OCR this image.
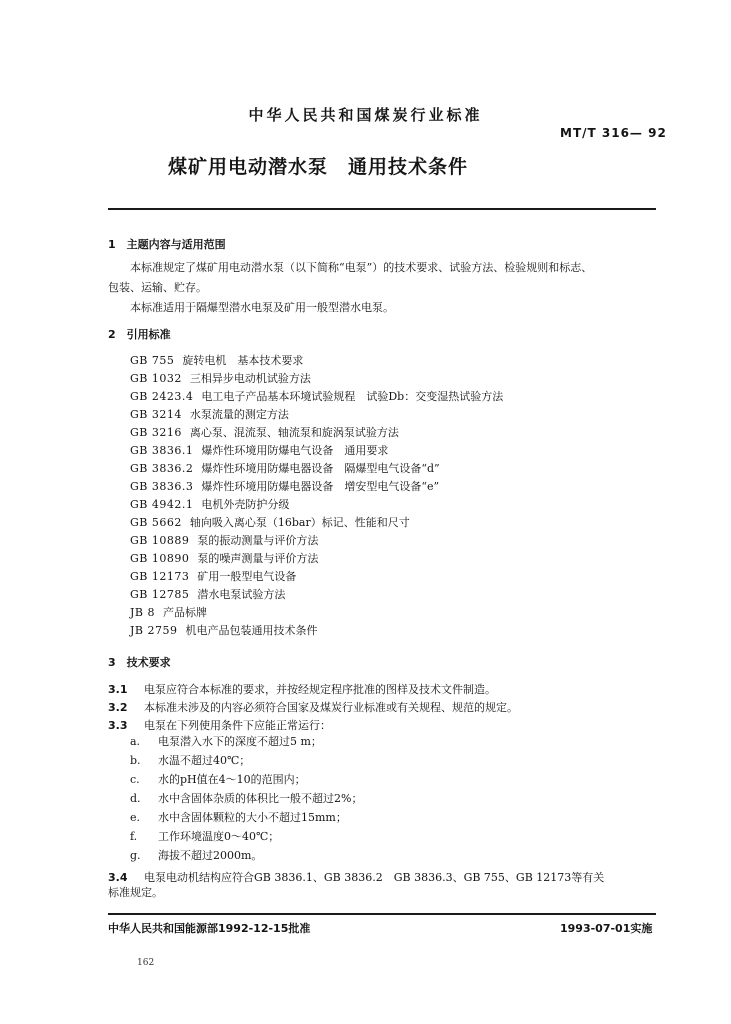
中华人民共和国煤炭行业标准
MT/T 316— 92
煤矿用电动潜水泵　通用技术条件
1　主题内容与适用范围
本标准规定了煤矿用电动潜水泵（以下简称“电泵”）的技术要求、试验方法、检验规则和标志、
包装、运输、贮存。
本标准适用于隔爆型潜水电泵及矿用一般型潜水电泵。
2　引用标准
GB 755 旋转电机　基本技术要求
GB 1032 三相异步电动机试验方法
GB 2423.4 电工电子产品基本环境试验规程　试验Db：交变湿热试验方法
GB 3214 水泵流量的测定方法
GB 3216 离心泵、混流泵、轴流泵和旋涡泵试验方法
GB 3836.1 爆炸性环境用防爆电气设备　通用要求
GB 3836.2 爆炸性环境用防爆电器设备　隔爆型电气设备“d”
GB 3836.3 爆炸性环境用防爆电器设备　增安型电气设备“e”
GB 4942.1 电机外壳防护分级
GB 5662 轴向吸入离心泵（16bar）标记、性能和尺寸
GB 10889 泵的振动测量与评价方法
GB 10890 泵的噪声测量与评价方法
GB 12173 矿用一般型电气设备
GB 12785 潜水电泵试验方法
JB 8 产品标牌
JB 2759 机电产品包装通用技术条件
3　技术要求
3.1 电泵应符合本标准的要求，并按经规定程序批准的图样及技术文件制造。
3.2 本标准未涉及的内容必须符合国家及煤炭行业标准或有关规程、规范的规定。
3.3 电泵在下列使用条件下应能正常运行：
a. 电泵潜入水下的深度不超过5 m；
b. 水温不超过40℃；
c. 水的pH值在4～10的范围内；
d. 水中含固体杂质的体积比一般不超过2%；
e. 水中含固体颗粒的大小不超过15mm；
f. 工作环境温度0～40℃；
g. 海拔不超过2000m。
3.4 电泵电动机结构应符合GB 3836.1、GB 3836.2　GB 3836.3、GB 755、GB 12173等有关
标准规定。
中华人民共和国能源部1992-12-15批准	1993-07-01实施
162
